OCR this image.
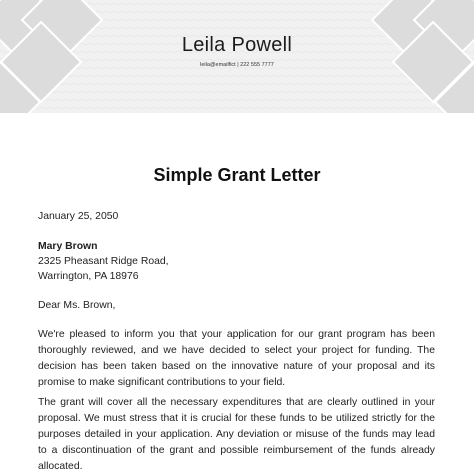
Leila Powell
leila@emailfict | 222 555 7777
Simple Grant Letter
January 25, 2050
Mary Brown
2325 Pheasant Ridge Road,
Warrington, PA 18976
Dear Ms. Brown,
We're pleased to inform you that your application for our grant program has been thoroughly reviewed, and we have decided to select your project for funding. The decision has been taken based on the innovative nature of your proposal and its promise to make significant contributions to your field.
The grant will cover all the necessary expenditures that are clearly outlined in your proposal. We must stress that it is crucial for these funds to be utilized strictly for the purposes detailed in your application. Any deviation or misuse of the funds may lead to a discontinuation of the grant and possible reimbursement of the funds already allocated.
